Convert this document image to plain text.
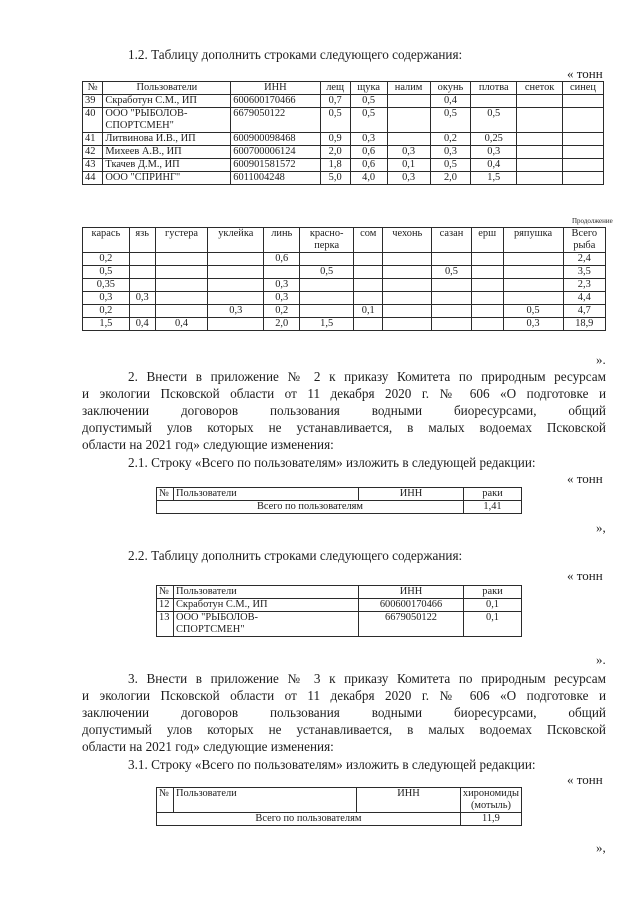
1.2. Таблицу дополнить строками следующего содержания:
« тонн
№	Пользователи	ИНН	лещ	щука	налим	окунь	плотва	снеток	синец
39	Скработун С.М., ИП	600600170466	0,7	0,5		0,4			
40	ООО "РЫБОЛОВ-
СПОРТСМЕН"	6679050122	0,5	0,5		0,5	0,5		
41	Литвинова И.В., ИП	600900098468	0,9	0,3		0,2	0,25		
42	Михеев А.В., ИП	600700006124	2,0	0,6	0,3	0,3	0,3		
43	Ткачев Д.М., ИП	600901581572	1,8	0,6	0,1	0,5	0,4		
44	ООО "СПРИНГ"	6011004248	5,0	4,0	0,3	2,0	1,5		
Продолжение
карась	язь	густера	уклейка	линь	красно-
перка	сом	чехонь	сазан	ерш	ряпушка	Всего
рыба
0,2				0,6							2,4
0,5					0,5			0,5			3,5
0,35				0,3							2,3
0,3	0,3			0,3							4,4
0,2			0,3	0,2		0,1				0,5	4,7
1,5	0,4	0,4		2,0	1,5					0,3	18,9
».
2. Внести в приложение № 2 к приказу Комитета по природным ресурсам
и экологии Псковской области от 11 декабря 2020 г. № 606 «О подготовке и
заключении договоров пользования водными биоресурсами, общий
допустимый улов которых не устанавливается, в малых водоемах Псковской
области на 2021 год» следующие изменения:
2.1. Строку «Всего по пользователям» изложить в следующей редакции:
« тонн
№	Пользователи	ИНН	раки
Всего по пользователям			1,41
»,
2.2. Таблицу дополнить строками следующего содержания:
« тонн
№	Пользователи	ИНН	раки
12	Скработун С.М., ИП	600600170466	0,1
13	ООО "РЫБОЛОВ-
СПОРТСМЕН"	6679050122	0,1
».
3. Внести в приложение № 3 к приказу Комитета по природным ресурсам
и экологии Псковской области от 11 декабря 2020 г. № 606 «О подготовке и
заключении договоров пользования водными биоресурсами, общий
допустимый улов которых не устанавливается, в малых водоемах Псковской
области на 2021 год» следующие изменения:
3.1. Строку «Всего по пользователям» изложить в следующей редакции:
« тонн
№	Пользователи	ИНН	хирономиды
(мотыль)
Всего по пользователям			11,9
»,
